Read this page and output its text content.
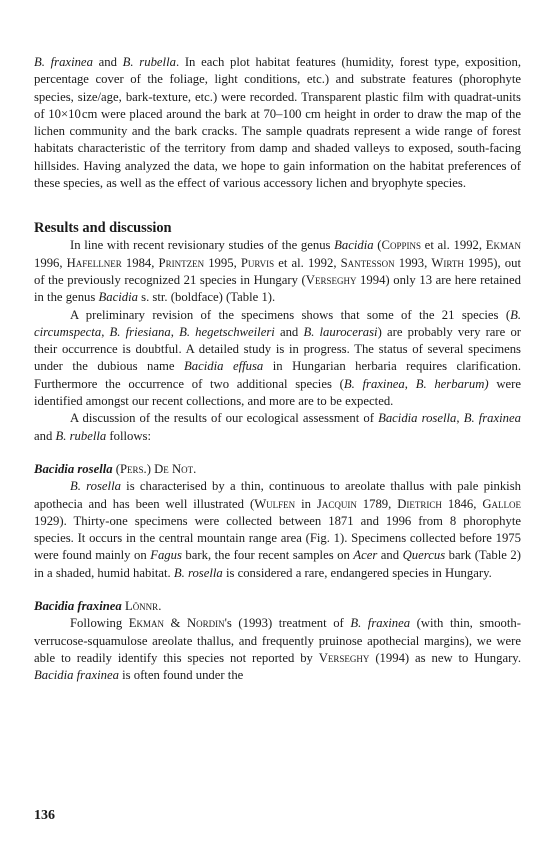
B. fraxinea and B. rubella. In each plot habitat features (humidity, forest type, exposition, percentage cover of the foliage, light conditions, etc.) and substrate features (phorophyte species, size/age, bark-texture, etc.) were recorded. Transparent plastic film with quadrat-units of 10×10 cm were placed around the bark at 70–100 cm height in order to draw the map of the lichen community and the bark cracks. The sample quadrats represent a wide range of forest habitats characteristic of the territory from damp and shaded valleys to exposed, south-facing hillsides. Having analyzed the data, we hope to gain information on the habitat preferences of these species, as well as the effect of various accessory lichen and bryophyte species.

Results and discussion

In line with recent revisionary studies of the genus Bacidia (Coppins et al. 1992, Ekman 1996, Hafellner 1984, Printzen 1995, Purvis et al. 1992, Santesson 1993, Wirth 1995), out of the previously recognized 21 species in Hungary (Verseghy 1994) only 13 are here retained in the genus Bacidia s. str. (boldface) (Table 1).

A preliminary revision of the specimens shows that some of the 21 species (B. circumspecta, B. friesiana, B. hegetschweileri and B. laurocerasi) are probably very rare or their occurrence is doubtful. A detailed study is in progress. The status of several specimens under the dubious name Bacidia effusa in Hungarian herbaria requires clarification. Furthermore the occurrence of two additional species (B. fraxinea, B. herbarum) were identified amongst our recent collections, and more are to be expected.

A discussion of the results of our ecological assessment of Bacidia rosella, B. fraxinea and B. rubella follows:

Bacidia rosella (Pers.) De Not.

B. rosella is characterised by a thin, continuous to areolate thallus with pale pinkish apothecia and has been well illustrated (Wulfen in Jacquin 1789, Dietrich 1846, Galloe 1929). Thirty-one specimens were collected between 1871 and 1996 from 8 phorophyte species. It occurs in the central mountain range area (Fig. 1). Specimens collected before 1975 were found mainly on Fagus bark, the four recent samples on Acer and Quercus bark (Table 2) in a shaded, humid habitat. B. rosella is considered a rare, endangered species in Hungary.

Bacidia fraxinea Lönnr.

Following Ekman & Nordin's (1993) treatment of B. fraxinea (with thin, smooth-verrucose-squamulose areolate thallus, and frequently pruinose apothecial margins), we were able to readily identify this species not reported by Verseghy (1994) as new to Hungary. Bacidia fraxinea is often found under the

136
